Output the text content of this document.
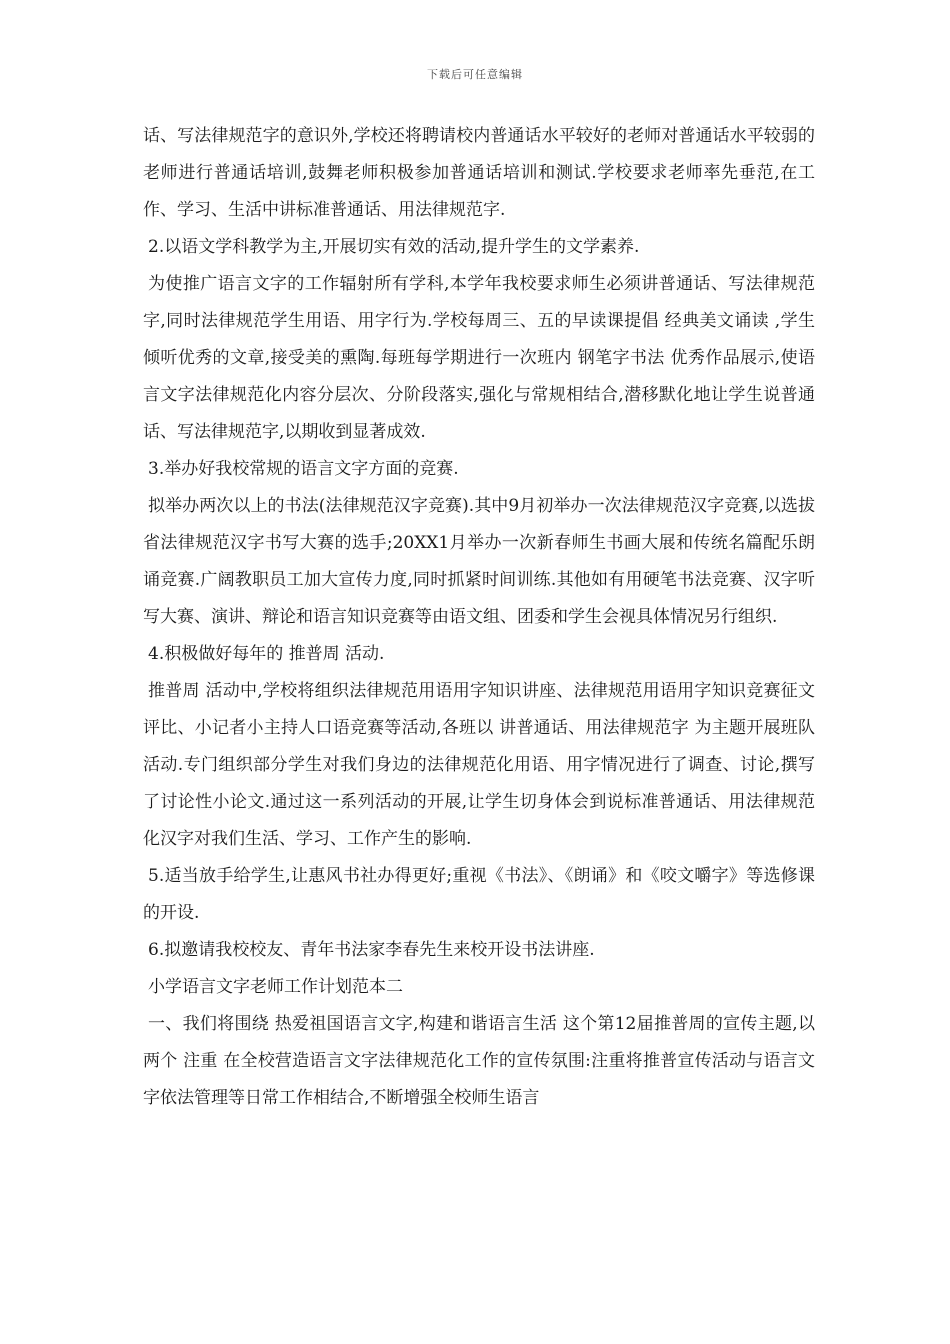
下载后可任意编辑

话、写法律规范字的意识外,学校还将聘请校内普通话水平较好的老师对普通话水平较弱的老师进行普通话培训,鼓舞老师积极参加普通话培训和测试.学校要求老师率先垂范,在工作、学习、生活中讲标准普通话、用法律规范字.

2.以语文学科教学为主,开展切实有效的活动,提升学生的文学素养.

为使推广语言文字的工作辐射所有学科,本学年我校要求师生必须讲普通话、写法律规范字,同时法律规范学生用语、用字行为.学校每周三、五的早读课提倡 经典美文诵读 ,学生倾听优秀的文章,接受美的熏陶.每班每学期进行一次班内 钢笔字书法 优秀作品展示,使语言文字法律规范化内容分层次、分阶段落实,强化与常规相结合,潜移默化地让学生说普通话、写法律规范字,以期收到显著成效.

3.举办好我校常规的语言文字方面的竞赛.

拟举办两次以上的书法(法律规范汉字竞赛).其中9月初举办一次法律规范汉字竞赛,以选拔省法律规范汉字书写大赛的选手;20XX1月举办一次新春师生书画大展和传统名篇配乐朗诵竞赛.广阔教职员工加大宣传力度,同时抓紧时间训练.其他如有用硬笔书法竞赛、汉字听写大赛、演讲、辩论和语言知识竞赛等由语文组、团委和学生会视具体情况另行组织.

4.积极做好每年的 推普周 活动.

推普周 活动中,学校将组织法律规范用语用字知识讲座、法律规范用语用字知识竞赛征文评比、小记者小主持人口语竞赛等活动,各班以 讲普通话、用法律规范字 为主题开展班队活动.专门组织部分学生对我们身边的法律规范化用语、用字情况进行了调查、讨论,撰写了讨论性小论文.通过这一系列活动的开展,让学生切身体会到说标准普通话、用法律规范化汉字对我们生活、学习、工作产生的影响.

5.适当放手给学生,让惠风书社办得更好;重视《书法》、《朗诵》和《咬文嚼字》等选修课的开设.

6.拟邀请我校校友、青年书法家李春先生来校开设书法讲座.

小学语言文字老师工作计划范本二

一、我们将围绕 热爱祖国语言文字,构建和谐语言生活 这个第12届推普周的宣传主题,以两个 注重 在全校营造语言文字法律规范化工作的宣传氛围:注重将推普宣传活动与语言文字依法管理等日常工作相结合,不断增强全校师生语言
